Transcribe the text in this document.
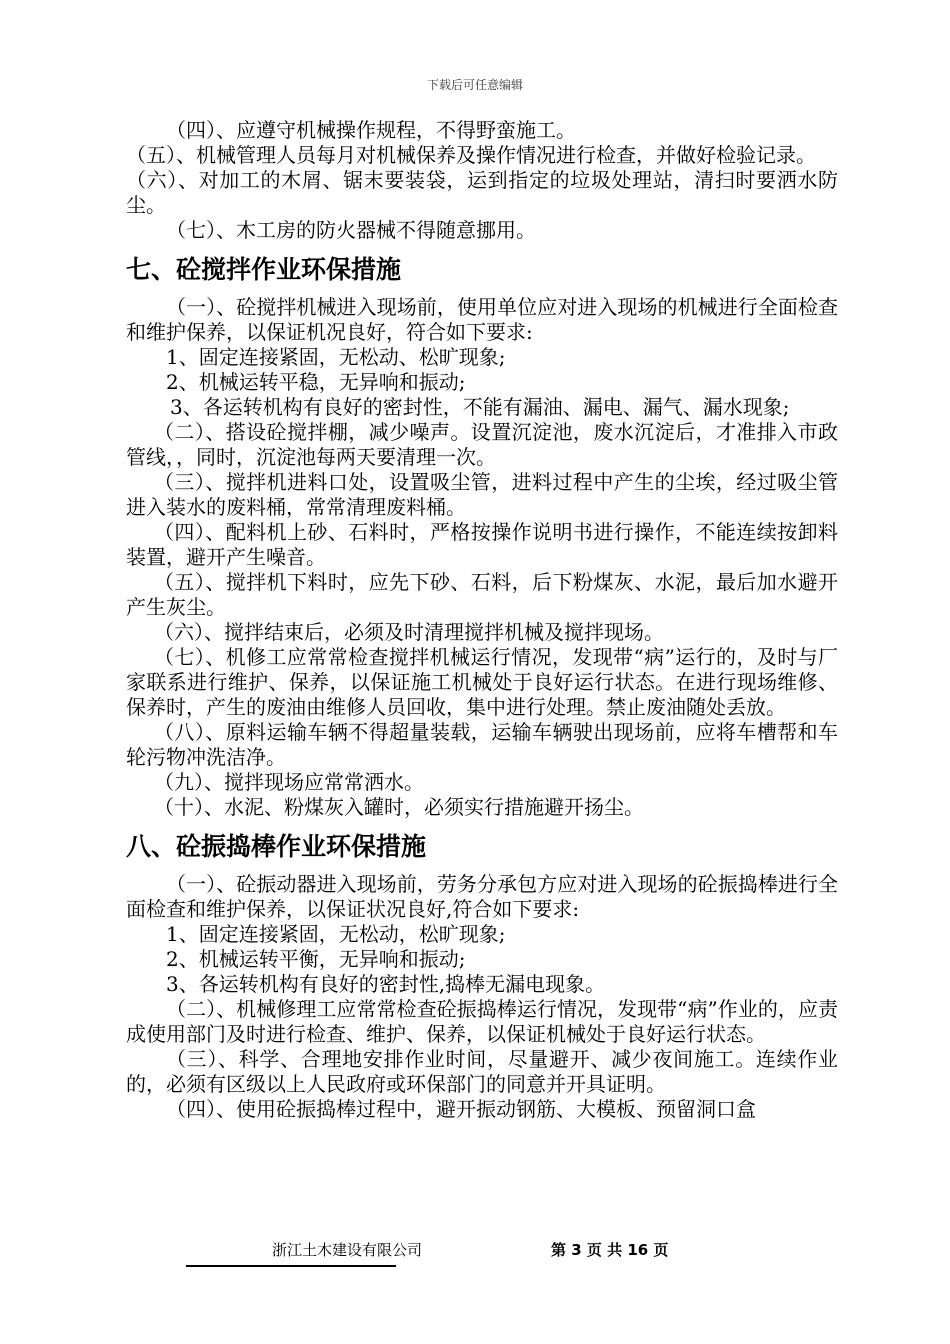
下载后可任意编辑

（四）、应遵守机械操作规程，不得野蛮施工。

（五）、机械管理人员每月对机械保养及操作情况进行检查，并做好检验记录。

（六）、对加工的木屑、锯末要装袋，运到指定的垃圾处理站，清扫时要洒水防尘。

（七）、木工房的防火器械不得随意挪用。

七、砼搅拌作业环保措施

（一）、砼搅拌机械进入现场前，使用单位应对进入现场的机械进行全面检查和维护保养，以保证机况良好，符合如下要求:

1、固定连接紧固，无松动、松旷现象;

2、机械运转平稳，无异响和振动;

3、各运转机构有良好的密封性，不能有漏油、漏电、漏气、漏水现象;

（二）、搭设砼搅拌棚，减少噪声。设置沉淀池，废水沉淀后，才准排入市政管线，，同时，沉淀池每两天要清理一次。

（三）、搅拌机进料口处，设置吸尘管，进料过程中产生的尘埃，经过吸尘管进入装水的废料桶，常常清理废料桶。

（四）、配料机上砂、石料时，严格按操作说明书进行操作，不能连续按卸料装置，避开产生噪音。

（五）、搅拌机下料时，应先下砂、石料，后下粉煤灰、水泥，最后加水避开产生灰尘。

（六）、搅拌结束后，必须及时清理搅拌机械及搅拌现场。

（七）、机修工应常常检查搅拌机械运行情况，发现带“病”运行的，及时与厂家联系进行维护、保养，以保证施工机械处于良好运行状态。在进行现场维修、保养时，产生的废油由维修人员回收，集中进行处理。禁止废油随处丢放。

（八）、原料运输车辆不得超量装载，运输车辆驶出现场前，应将车槽帮和车轮污物冲洗洁净。

（九）、搅拌现场应常常洒水。

（十）、水泥、粉煤灰入罐时，必须实行措施避开扬尘。

八、砼振捣棒作业环保措施

（一）、砼振动器进入现场前，劳务分承包方应对进入现场的砼振捣棒进行全面检查和维护保养，以保证状况良好,符合如下要求:

1、固定连接紧固，无松动，松旷现象;

2、机械运转平衡，无异响和振动;

3、各运转机构有良好的密封性,捣棒无漏电现象。

（二）、机械修理工应常常检查砼振捣棒运行情况，发现带“病”作业的，应责成使用部门及时进行检查、维护、保养，以保证机械处于良好运行状态。

（三）、科学、合理地安排作业时间，尽量避开、减少夜间施工。连续作业的，必须有区级以上人民政府或环保部门的同意并开具证明。

（四）、使用砼振捣棒过程中，避开振动钢筋、大模板、预留洞口盒

浙江土木建设有限公司	第 3 页 共 16 页
